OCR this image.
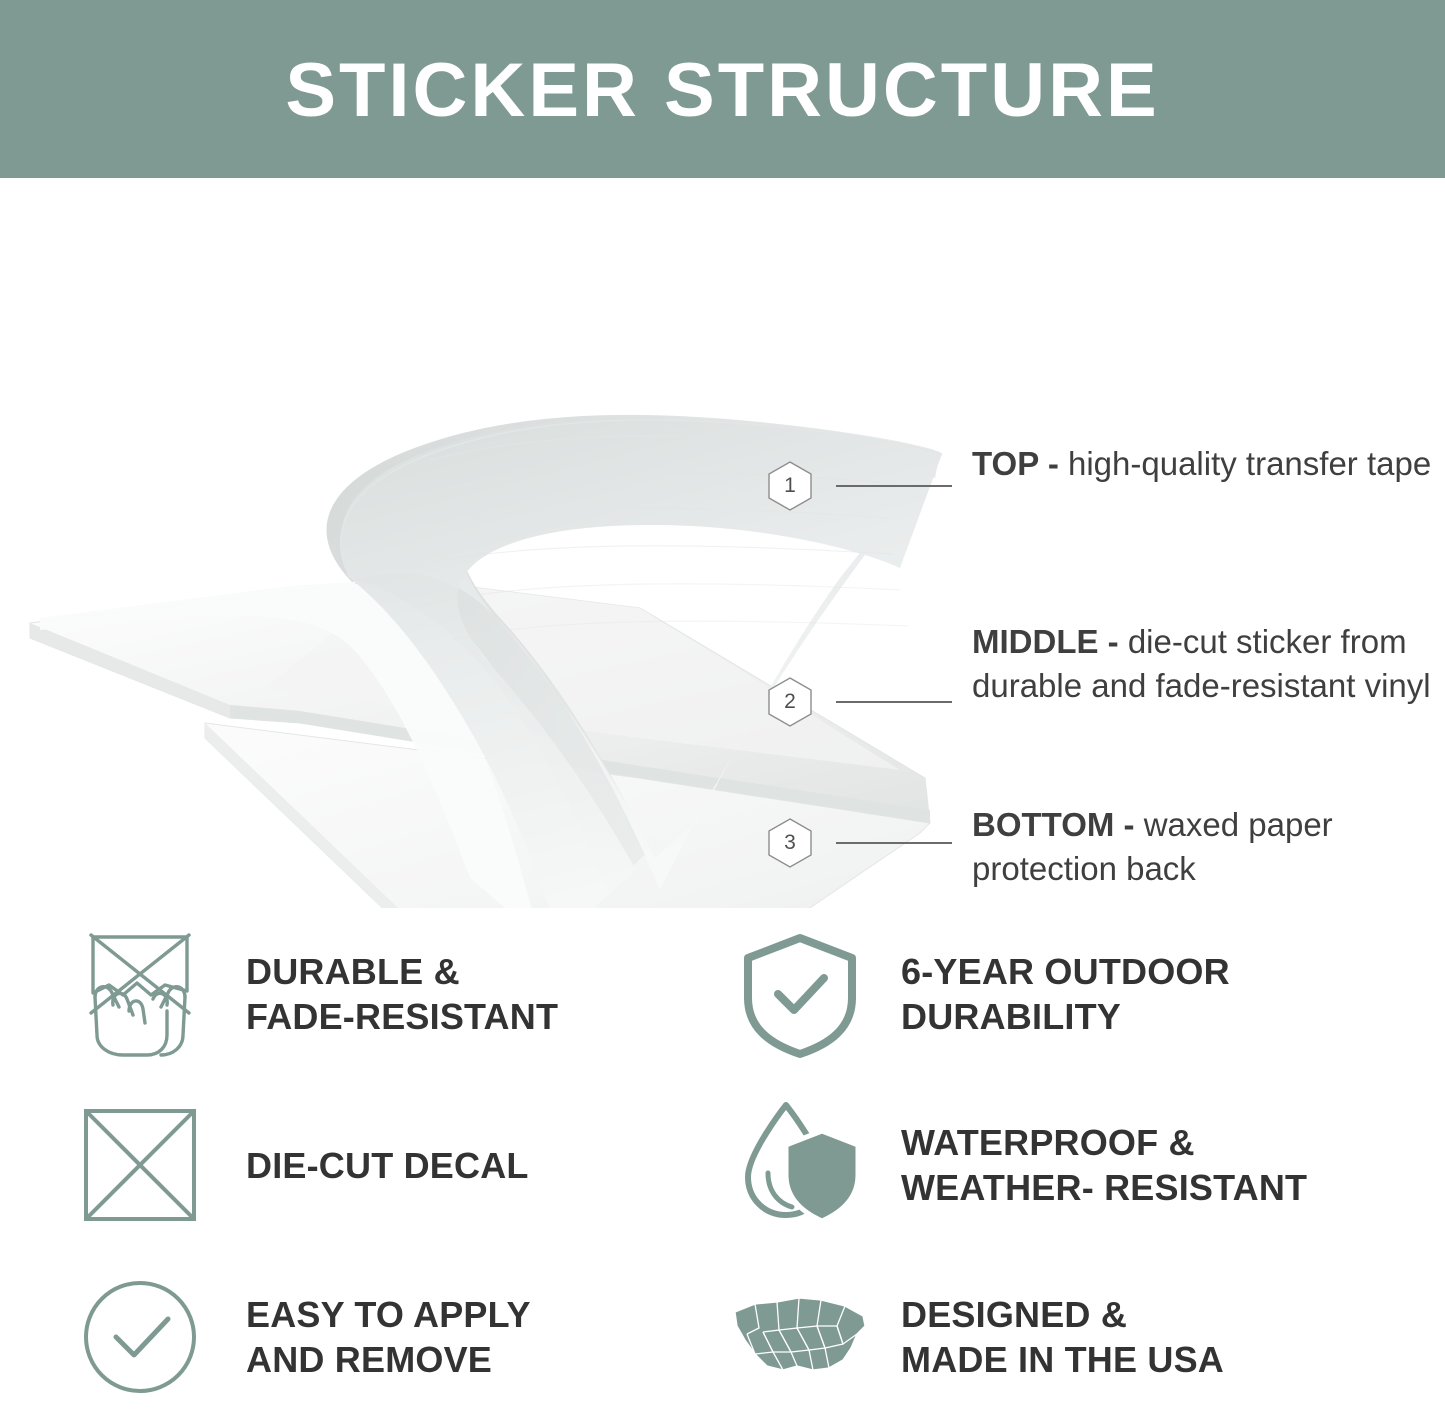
STICKER STRUCTURE
1
2
3
TOP - high-quality transfer tape
MIDDLE - die-cut sticker from durable and fade-resistant vinyl
BOTTOM - waxed paper protection back
DURABLE &
FADE-RESISTANT
6-YEAR OUTDOOR
DURABILITY
DIE-CUT DECAL
WATERPROOF &
WEATHER- RESISTANT
EASY TO APPLY
AND REMOVE
DESIGNED &
MADE IN THE USA
